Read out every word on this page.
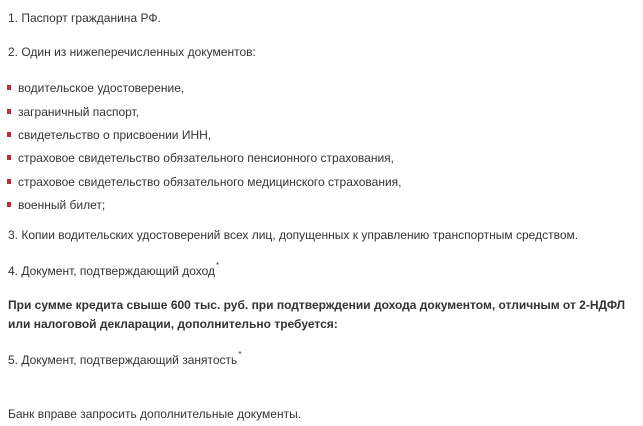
1. Паспорт гражданина РФ.
2. Один из нижеперечисленных документов:
водительское удостоверение,
заграничный паспорт,
свидетельство о присвоении ИНН,
страховое свидетельство обязательного пенсионного страхования,
страховое свидетельство обязательного медицинского страхования,
военный билет;
3. Копии водительских удостоверений всех лиц, допущенных к управлению транспортным средством.
4. Документ, подтверждающий доход*
При сумме кредита свыше 600 тыс. руб. при подтверждении дохода документом, отличным от 2-НДФЛ или налоговой декларации, дополнительно требуется:
5. Документ, подтверждающий занятость*
Банк вправе запросить дополнительные документы.
